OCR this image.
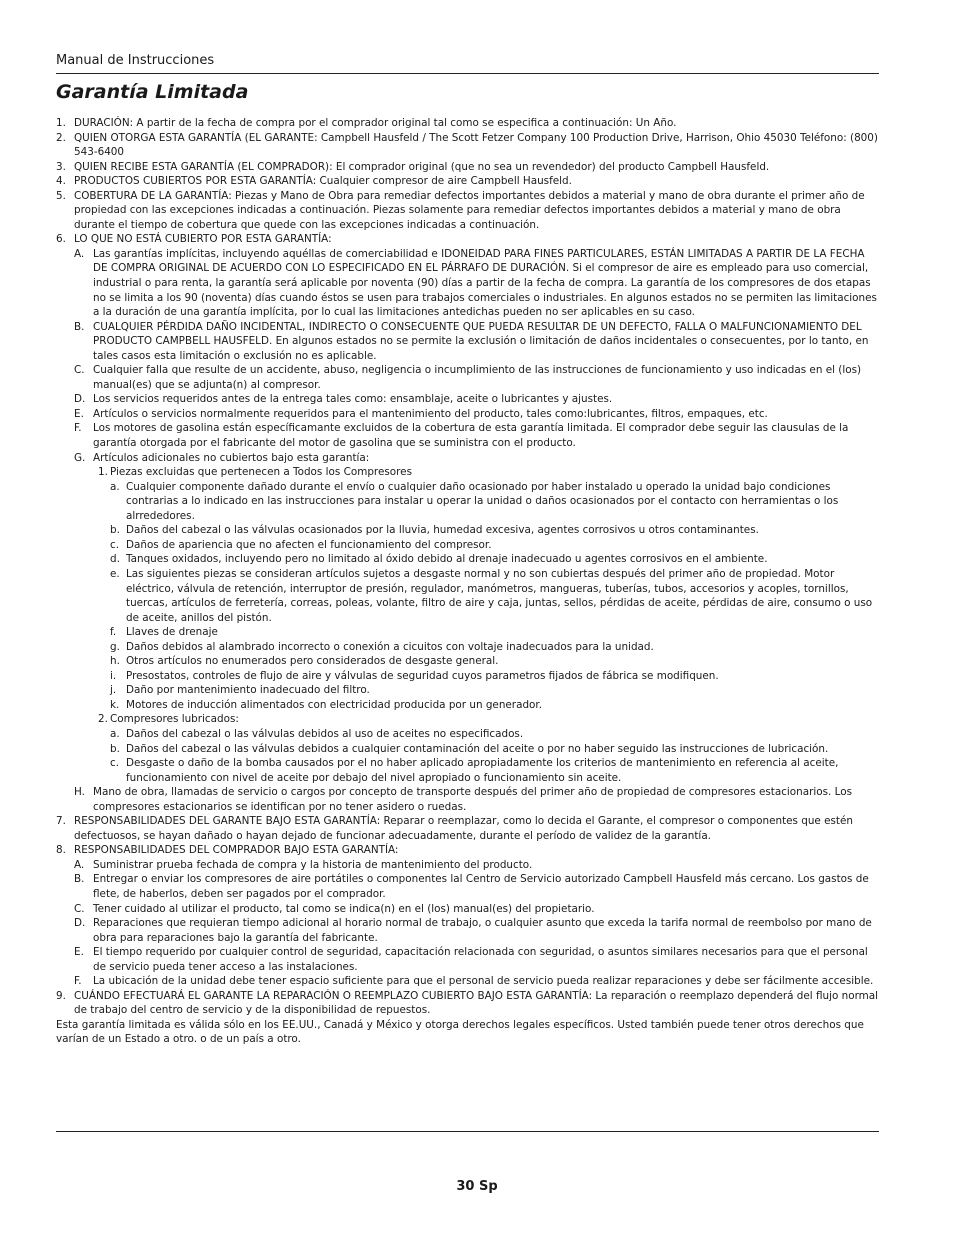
Manual de Instrucciones
Garantía Limitada
1. DURACIÓN: A partir de la fecha de compra por el comprador original tal como se especifica a continuación: Un Año.
2. QUIEN OTORGA ESTA GARANTÍA (EL GARANTE: Campbell Hausfeld / The Scott Fetzer Company 100 Production Drive, Harrison, Ohio 45030 Teléfono: (800) 543-6400
3. QUIEN RECIBE ESTA GARANTÍA (EL COMPRADOR): El comprador original (que no sea un revendedor) del producto Campbell Hausfeld.
4. PRODUCTOS CUBIERTOS POR ESTA GARANTÍA: Cualquier compresor de aire Campbell Hausfeld.
5. COBERTURA DE LA GARANTÍA: Piezas y Mano de Obra para remediar defectos importantes debidos a material y mano de obra durante el primer año de propiedad con las excepciones indicadas a continuación. Piezas solamente para remediar defectos importantes debidos a material y mano de obra durante el tiempo de cobertura que quede con las excepciones indicadas a continuación.
6. LO QUE NO ESTÁ CUBIERTO POR ESTA GARANTÍA:
A. Las garantías implícitas, incluyendo aquéllas de comerciabilidad e IDONEIDAD PARA FINES PARTICULARES, ESTÁN LIMITADAS A PARTIR DE LA FECHA DE COMPRA ORIGINAL DE ACUERDO CON LO ESPECIFICADO EN EL PÁRRAFO DE DURACIÓN. Si el compresor de aire es empleado para uso comercial, industrial o para renta, la garantía será aplicable por noventa (90) días a partir de la fecha de compra. La garantía de los compresores de dos etapas no se limita a los 90 (noventa) días cuando éstos se usen para trabajos comerciales o industriales. En algunos estados no se permiten las limitaciones a la duración de una garantía implícita, por lo cual las limitaciones antedichas pueden no ser aplicables en su caso.
B. CUALQUIER PÉRDIDA DAÑO INCIDENTAL, INDIRECTO O CONSECUENTE QUE PUEDA RESULTAR DE UN DEFECTO, FALLA O MALFUNCIONAMIENTO DEL PRODUCTO CAMPBELL HAUSFELD. En algunos estados no se permite la exclusión o limitación de daños incidentales o consecuentes, por lo tanto, en tales casos esta limitación o exclusión no es aplicable.
C. Cualquier falla que resulte de un accidente, abuso, negligencia o incumplimiento de las instrucciones de funcionamiento y uso indicadas en el (los) manual(es) que se adjunta(n) al compresor.
D. Los servicios requeridos antes de la entrega tales como: ensamblaje, aceite o lubricantes y ajustes.
E. Artículos o servicios normalmente requeridos para el mantenimiento del producto, tales como:lubricantes, filtros, empaques, etc.
F.	Los motores de gasolina están específicamante excluidos de la cobertura de esta garantía limitada. El comprador debe seguir las clausulas de la garantía otorgada por el fabricante del motor de gasolina que se suministra con el producto.
G. Artículos adicionales no cubiertos bajo esta garantía:
1. Piezas excluidas que pertenecen a Todos los Compresores
a. Cualquier componente dañado durante el envío o cualquier daño ocasionado por haber instalado u operado la unidad bajo condiciones contrarias a lo indicado en las instrucciones para instalar u operar la unidad o daños ocasionados por el contacto con herramientas o los alrrededores.
b. Daños del cabezal o las válvulas ocasionados por la lluvia, humedad excesiva, agentes corrosivos u otros contaminantes.
c. Daños de apariencia que no afecten el funcionamiento del compresor.
d. Tanques oxidados, incluyendo pero no limitado al óxido debido al drenaje inadecuado u agentes corrosivos en el ambiente.
e. Las siguientes piezas se consideran artículos sujetos a desgaste normal y no son cubiertas después del primer año de propiedad. Motor eléctrico, válvula de retención, interruptor de presión, regulador, manómetros, mangueras, tuberías, tubos, accesorios y acoples, tornillos, tuercas, artículos de ferretería, correas, poleas, volante, filtro de aire y caja, juntas, sellos, pérdidas de aceite, pérdidas de aire, consumo o uso de aceite, anillos del pistón.
f. Llaves de drenaje
g. Daños debidos al alambrado incorrecto o conexión a cicuitos con voltaje inadecuados para la unidad.
h. Otros artículos no enumerados pero considerados de desgaste general.
i. Presostatos, controles de flujo de aire y válvulas de seguridad cuyos parametros fijados de fábrica se modifiquen.
j. Daño por mantenimiento inadecuado del filtro.
k. Motores de inducción alimentados con electricidad producida por un generador.
2. Compresores lubricados:
a. Daños del cabezal o las válvulas debidos al uso de aceites no especificados.
b. Daños del cabezal o las válvulas debidos a cualquier contaminación del aceite o por no haber seguido las instrucciones de lubricación.
c. Desgaste o daño de la bomba causados por el no haber aplicado apropiadamente los criterios de mantenimiento en referencia al aceite, funcionamiento con nivel de aceite por debajo del nivel apropiado o funcionamiento sin aceite.
H. Mano de obra, llamadas de servicio o cargos por concepto de transporte después del primer año de propiedad de compresores estacionarios. Los compresores estacionarios se identifican por no tener asidero o ruedas.
7. RESPONSABILIDADES DEL GARANTE BAJO ESTA GARANTÍA: Reparar o reemplazar, como lo decida el Garante, el compresor o componentes que estén defectuosos, se hayan dañado o hayan dejado de funcionar adecuadamente, durante el período de validez de la garantía.
8. RESPONSABILIDADES DEL COMPRADOR BAJO ESTA GARANTÍA:
A. Suministrar prueba fechada de compra y la historia de mantenimiento del producto.
B. Entregar o enviar los compresores de aire portátiles o componentes lal Centro de Servicio autorizado Campbell Hausfeld más cercano. Los gastos de flete, de haberlos, deben ser pagados por el comprador.
C. Tener cuidado al utilizar el producto, tal como se indica(n) en el (los) manual(es) del propietario.
D. Reparaciones que requieran tiempo adicional al horario normal de trabajo, o cualquier asunto que exceda la tarifa normal de reembolso por mano de obra para reparaciones bajo la garantía del fabricante.
E. El tiempo requerido por cualquier control de seguridad, capacitación relacionada con seguridad, o asuntos similares necesarios para que el personal de servicio pueda tener acceso a las instalaciones.
F.	La ubicación de la unidad debe tener espacio suficiente para que el personal de servicio pueda realizar reparaciones y debe ser fácilmente accesible.
9. CUÁNDO EFECTUARÁ EL GARANTE LA REPARACIÓN O REEMPLAZO CUBIERTO BAJO ESTA GARANTÍA: La reparación o reemplazo dependerá del flujo normal de trabajo del centro de servicio y de la disponibilidad de repuestos.
Esta garantía limitada es válida sólo en los EE.UU., Canadá y México y otorga derechos legales específicos. Usted también puede tener otros derechos que varían de un Estado a otro. o de un país a otro.
30 Sp
